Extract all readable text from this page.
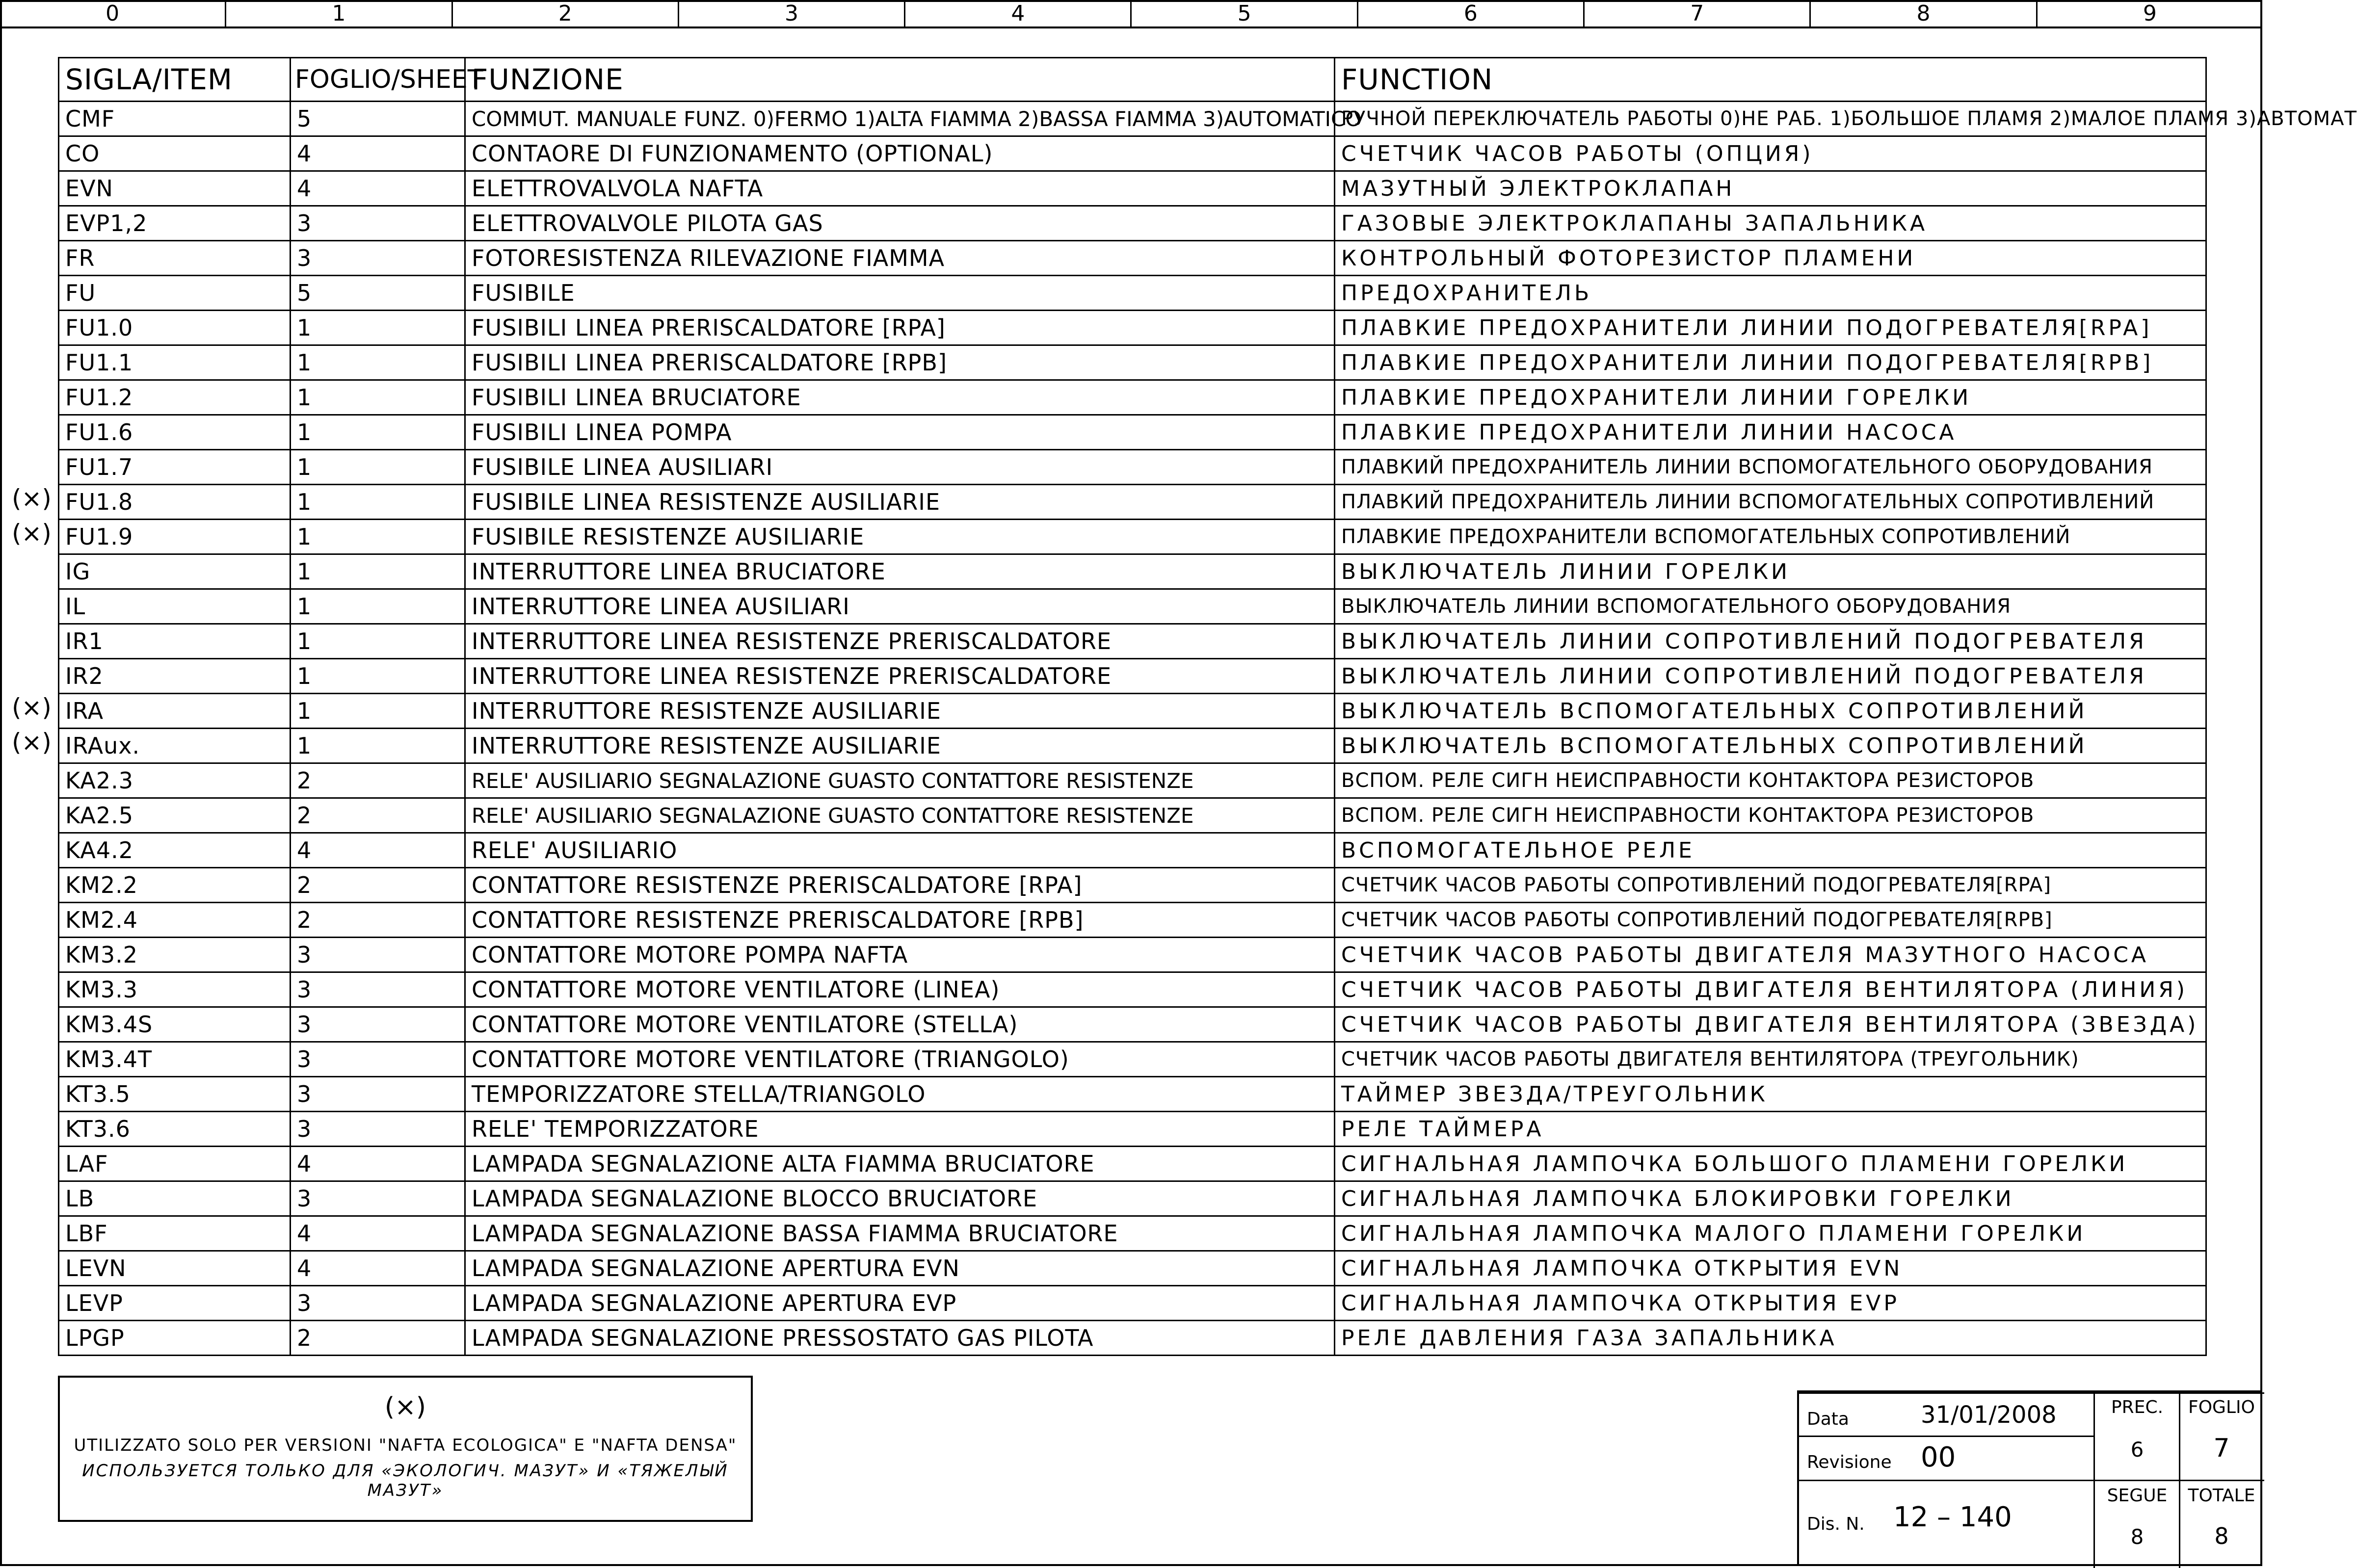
0	1	2	3	4	5	6	7	8	9
SIGLA/ITEM	FOGLIO/SHEET	FUNZIONE	FUNCTION
CMF	5	COMMUT. MANUALE FUNZ. 0)FERMO 1)ALTA FIAMMA 2)BASSA FIAMMA 3)AUTOMATICO	РУЧНОЙ ПЕРЕКЛЮЧАТЕЛЬ РАБОТЫ 0)НЕ РАБ. 1)БОЛЬШОЕ ПЛАМЯ 2)МАЛОЕ ПЛАМЯ 3)АВТОМАТ
CO	4	CONTAORE DI FUNZIONAMENTO (OPTIONAL)	СЧЕТЧИК ЧАСОВ РАБОТЫ (ОПЦИЯ)
EVN	4	ELETTROVALVOLA NAFTA	МАЗУТНЫЙ ЭЛЕКТРОКЛАПАН
EVP1,2	3	ELETTROVALVOLE PILOTA GAS	ГАЗОВЫЕ ЭЛЕКТРОКЛАПАНЫ ЗАПАЛЬНИКА
FR	3	FOTORESISTENZA RILEVAZIONE FIAMMA	КОНТРОЛЬНЫЙ ФОТОРЕЗИСТОР ПЛАМЕНИ
FU	5	FUSIBILE	ПРЕДОХРАНИТЕЛЬ
FU1.0	1	FUSIBILI LINEA PRERISCALDATORE [RPA]	ПЛАВКИЕ ПРЕДОХРАНИТЕЛИ ЛИНИИ ПОДОГРЕВАТЕЛЯ[RPA]
FU1.1	1	FUSIBILI LINEA PRERISCALDATORE [RPB]	ПЛАВКИЕ ПРЕДОХРАНИТЕЛИ ЛИНИИ ПОДОГРЕВАТЕЛЯ[RPB]
FU1.2	1	FUSIBILI LINEA BRUCIATORE	ПЛАВКИЕ ПРЕДОХРАНИТЕЛИ ЛИНИИ ГОРЕЛКИ
FU1.6	1	FUSIBILI LINEA POMPA	ПЛАВКИЕ ПРЕДОХРАНИТЕЛИ ЛИНИИ НАСОСА
FU1.7	1	FUSIBILE LINEA AUSILIARI	ПЛАВКИЙ ПРЕДОХРАНИТЕЛЬ ЛИНИИ ВСПОМОГАТЕЛЬНОГО ОБОРУДОВАНИЯ
FU1.8	1	FUSIBILE LINEA RESISTENZE AUSILIARIE	ПЛАВКИЙ ПРЕДОХРАНИТЕЛЬ ЛИНИИ ВСПОМОГАТЕЛЬНЫХ СОПРОТИВЛЕНИЙ
FU1.9	1	FUSIBILE RESISTENZE AUSILIARIE	ПЛАВКИЕ ПРЕДОХРАНИТЕЛИ ВСПОМОГАТЕЛЬНЫХ СОПРОТИВЛЕНИЙ
IG	1	INTERRUTTORE LINEA BRUCIATORE	ВЫКЛЮЧАТЕЛЬ ЛИНИИ ГОРЕЛКИ
IL	1	INTERRUTTORE LINEA AUSILIARI	ВЫКЛЮЧАТЕЛЬ ЛИНИИ ВСПОМОГАТЕЛЬНОГО ОБОРУДОВАНИЯ
IR1	1	INTERRUTTORE LINEA RESISTENZE PRERISCALDATORE	ВЫКЛЮЧАТЕЛЬ ЛИНИИ СОПРОТИВЛЕНИЙ ПОДОГРЕВАТЕЛЯ
IR2	1	INTERRUTTORE LINEA RESISTENZE PRERISCALDATORE	ВЫКЛЮЧАТЕЛЬ ЛИНИИ СОПРОТИВЛЕНИЙ ПОДОГРЕВАТЕЛЯ
IRA	1	INTERRUTTORE RESISTENZE AUSILIARIE	ВЫКЛЮЧАТЕЛЬ ВСПОМОГАТЕЛЬНЫХ СОПРОТИВЛЕНИЙ
IRAux.	1	INTERRUTTORE RESISTENZE AUSILIARIE	ВЫКЛЮЧАТЕЛЬ ВСПОМОГАТЕЛЬНЫХ СОПРОТИВЛЕНИЙ
KA2.3	2	RELE' AUSILIARIO SEGNALAZIONE GUASTO CONTATTORE RESISTENZE	ВСПОМ. РЕЛЕ СИГН НЕИСПРАВНОСТИ КОНТАКТОРА РЕЗИСТОРОВ
KA2.5	2	RELE' AUSILIARIO SEGNALAZIONE GUASTO CONTATTORE RESISTENZE	ВСПОМ. РЕЛЕ СИГН НЕИСПРАВНОСТИ КОНТАКТОРА РЕЗИСТОРОВ
KA4.2	4	RELE' AUSILIARIO	ВСПОМОГАТЕЛЬНОЕ РЕЛЕ
KM2.2	2	CONTATTORE RESISTENZE PRERISCALDATORE [RPA]	СЧЕТЧИК ЧАСОВ РАБОТЫ СОПРОТИВЛЕНИЙ ПОДОГРЕВАТЕЛЯ[RPA]
KM2.4	2	CONTATTORE RESISTENZE PRERISCALDATORE [RPB]	СЧЕТЧИК ЧАСОВ РАБОТЫ СОПРОТИВЛЕНИЙ ПОДОГРЕВАТЕЛЯ[RPB]
KM3.2	3	CONTATTORE MOTORE POMPA NAFTA	СЧЕТЧИК ЧАСОВ РАБОТЫ ДВИГАТЕЛЯ МАЗУТНОГО НАСОСА
KM3.3	3	CONTATTORE MOTORE VENTILATORE (LINEA)	СЧЕТЧИК ЧАСОВ РАБОТЫ ДВИГАТЕЛЯ ВЕНТИЛЯТОРА (ЛИНИЯ)
KM3.4S	3	CONTATTORE MOTORE VENTILATORE (STELLA)	СЧЕТЧИК ЧАСОВ РАБОТЫ ДВИГАТЕЛЯ ВЕНТИЛЯТОРА (ЗВЕЗДА)
KM3.4T	3	CONTATTORE MOTORE VENTILATORE (TRIANGOLO)	СЧЕТЧИК ЧАСОВ РАБОТЫ ДВИГАТЕЛЯ ВЕНТИЛЯТОРА (ТРЕУГОЛЬНИК)
KT3.5	3	TEMPORIZZATORE STELLA/TRIANGOLO	ТАЙМЕР ЗВЕЗДА/ТРЕУГОЛЬНИК
KT3.6	3	RELE' TEMPORIZZATORE	РЕЛЕ ТАЙМЕРА
LAF	4	LAMPADA SEGNALAZIONE ALTA FIAMMA BRUCIATORE	СИГНАЛЬНАЯ ЛАМПОЧКА БОЛЬШОГО ПЛАМЕНИ ГОРЕЛКИ
LB	3	LAMPADA SEGNALAZIONE BLOCCO BRUCIATORE	СИГНАЛЬНАЯ ЛАМПОЧКА БЛОКИРОВКИ ГОРЕЛКИ
LBF	4	LAMPADA SEGNALAZIONE BASSA FIAMMA BRUCIATORE	СИГНАЛЬНАЯ ЛАМПОЧКА МАЛОГО ПЛАМЕНИ ГОРЕЛКИ
LEVN	4	LAMPADA SEGNALAZIONE APERTURA EVN	СИГНАЛЬНАЯ ЛАМПОЧКА ОТКРЫТИЯ EVN
LEVP	3	LAMPADA SEGNALAZIONE APERTURA EVP	СИГНАЛЬНАЯ ЛАМПОЧКА ОТКРЫТИЯ EVP
LPGP	2	LAMPADA SEGNALAZIONE PRESSOSTATO GAS PILOTA	РЕЛЕ ДАВЛЕНИЯ ГАЗА ЗАПАЛЬНИКА
(×)
(×)
(×)
(×)
(×)
UTILIZZATO SOLO PER VERSIONI "NAFTA ECOLOGICA" E "NAFTA DENSA"
ИСПОЛЬЗУЕТСЯ ТОЛЬКО ДЛЯ «ЭКОЛОГИЧ. МАЗУТ» И «ТЯЖЕЛЫЙ МАЗУТ»
Data	31/01/2008
Revisione 00
Dis. N. 12 – 140
PREC.
6
FOGLIO
7
SEGUE
8
TOTALE
8
